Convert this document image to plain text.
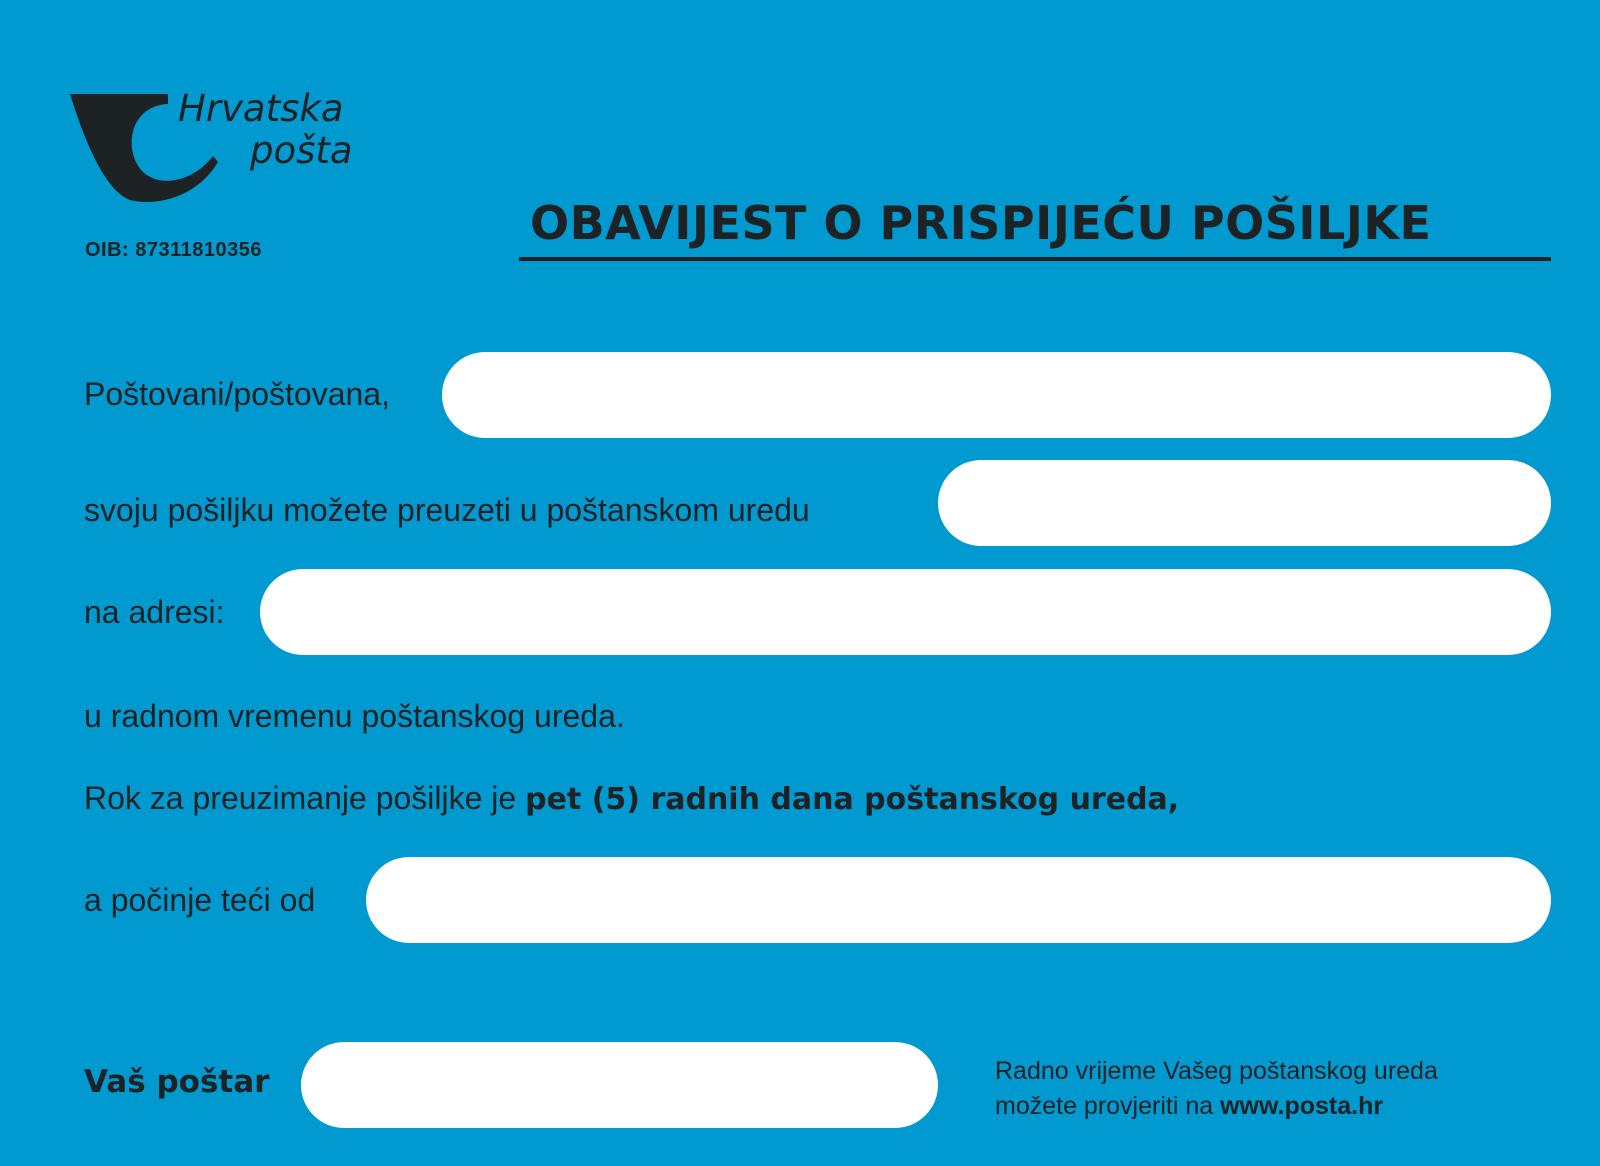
Hrvatska
pošta
OIB: 87311810356	OBAVIJEST O PRISPIJEĆU POŠILJKE
Poštovani/poštovana,
svoju pošiljku možete preuzeti u poštanskom uredu
na adresi:
u radnom vremenu poštanskog ureda.
Rok za preuzimanje pošiljke je pet (5) radnih dana poštanskog ureda,
a počinje teći od
Vaš poštar	Radno vrijeme Vašeg poštanskog ureda
možete provjeriti na www.posta.hr
